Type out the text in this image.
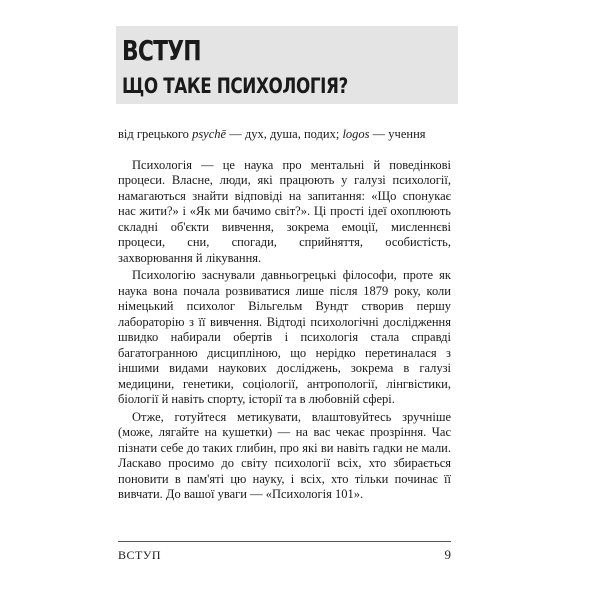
ВСТУП
ЩО ТАКЕ ПСИХОЛОГІЯ?

від грецького psychē — дух, душа, подих; logos — учення

Психологія — це наука про ментальні й поведінкові процеси. Власне, люди, які працюють у галузі психології, намагаються знайти відповіді на запитання: «Що спонукає нас жити?» і «Як ми бачимо світ?». Ці прості ідеї охоплюють складні об'єкти вивчення, зокрема емоції, мисленнєві процеси, сни, спогади, сприйняття, особистість, захворювання й лікування.

Психологію заснували давньогрецькі філософи, проте як наука вона почала розвиватися лише після 1879 року, коли німецький психолог Вільгельм Вундт створив першу лабораторію з її вивчення. Відтоді психологічні дослідження швидко набирали обертів і психологія стала справді багатогранною дисципліною, що нерідко перетиналася з іншими видами наукових досліджень, зокрема в галузі медицини, генетики, соціології, антропології, лінгвістики, біології й навіть спорту, історії та в любовній сфері.

Отже, готуйтеся метикувати, влаштовуйтесь зручніше (може, лягайте на кушетки) — на вас чекає прозріння. Час пізнати себе до таких глибин, про які ви навіть гадки не мали. Ласкаво просимо до світу психології всіх, хто збирається поновити в пам'яті цю науку, і всіх, хто тільки починає її вивчати. До вашої уваги — «Психологія 101».

ВСТУП	9
